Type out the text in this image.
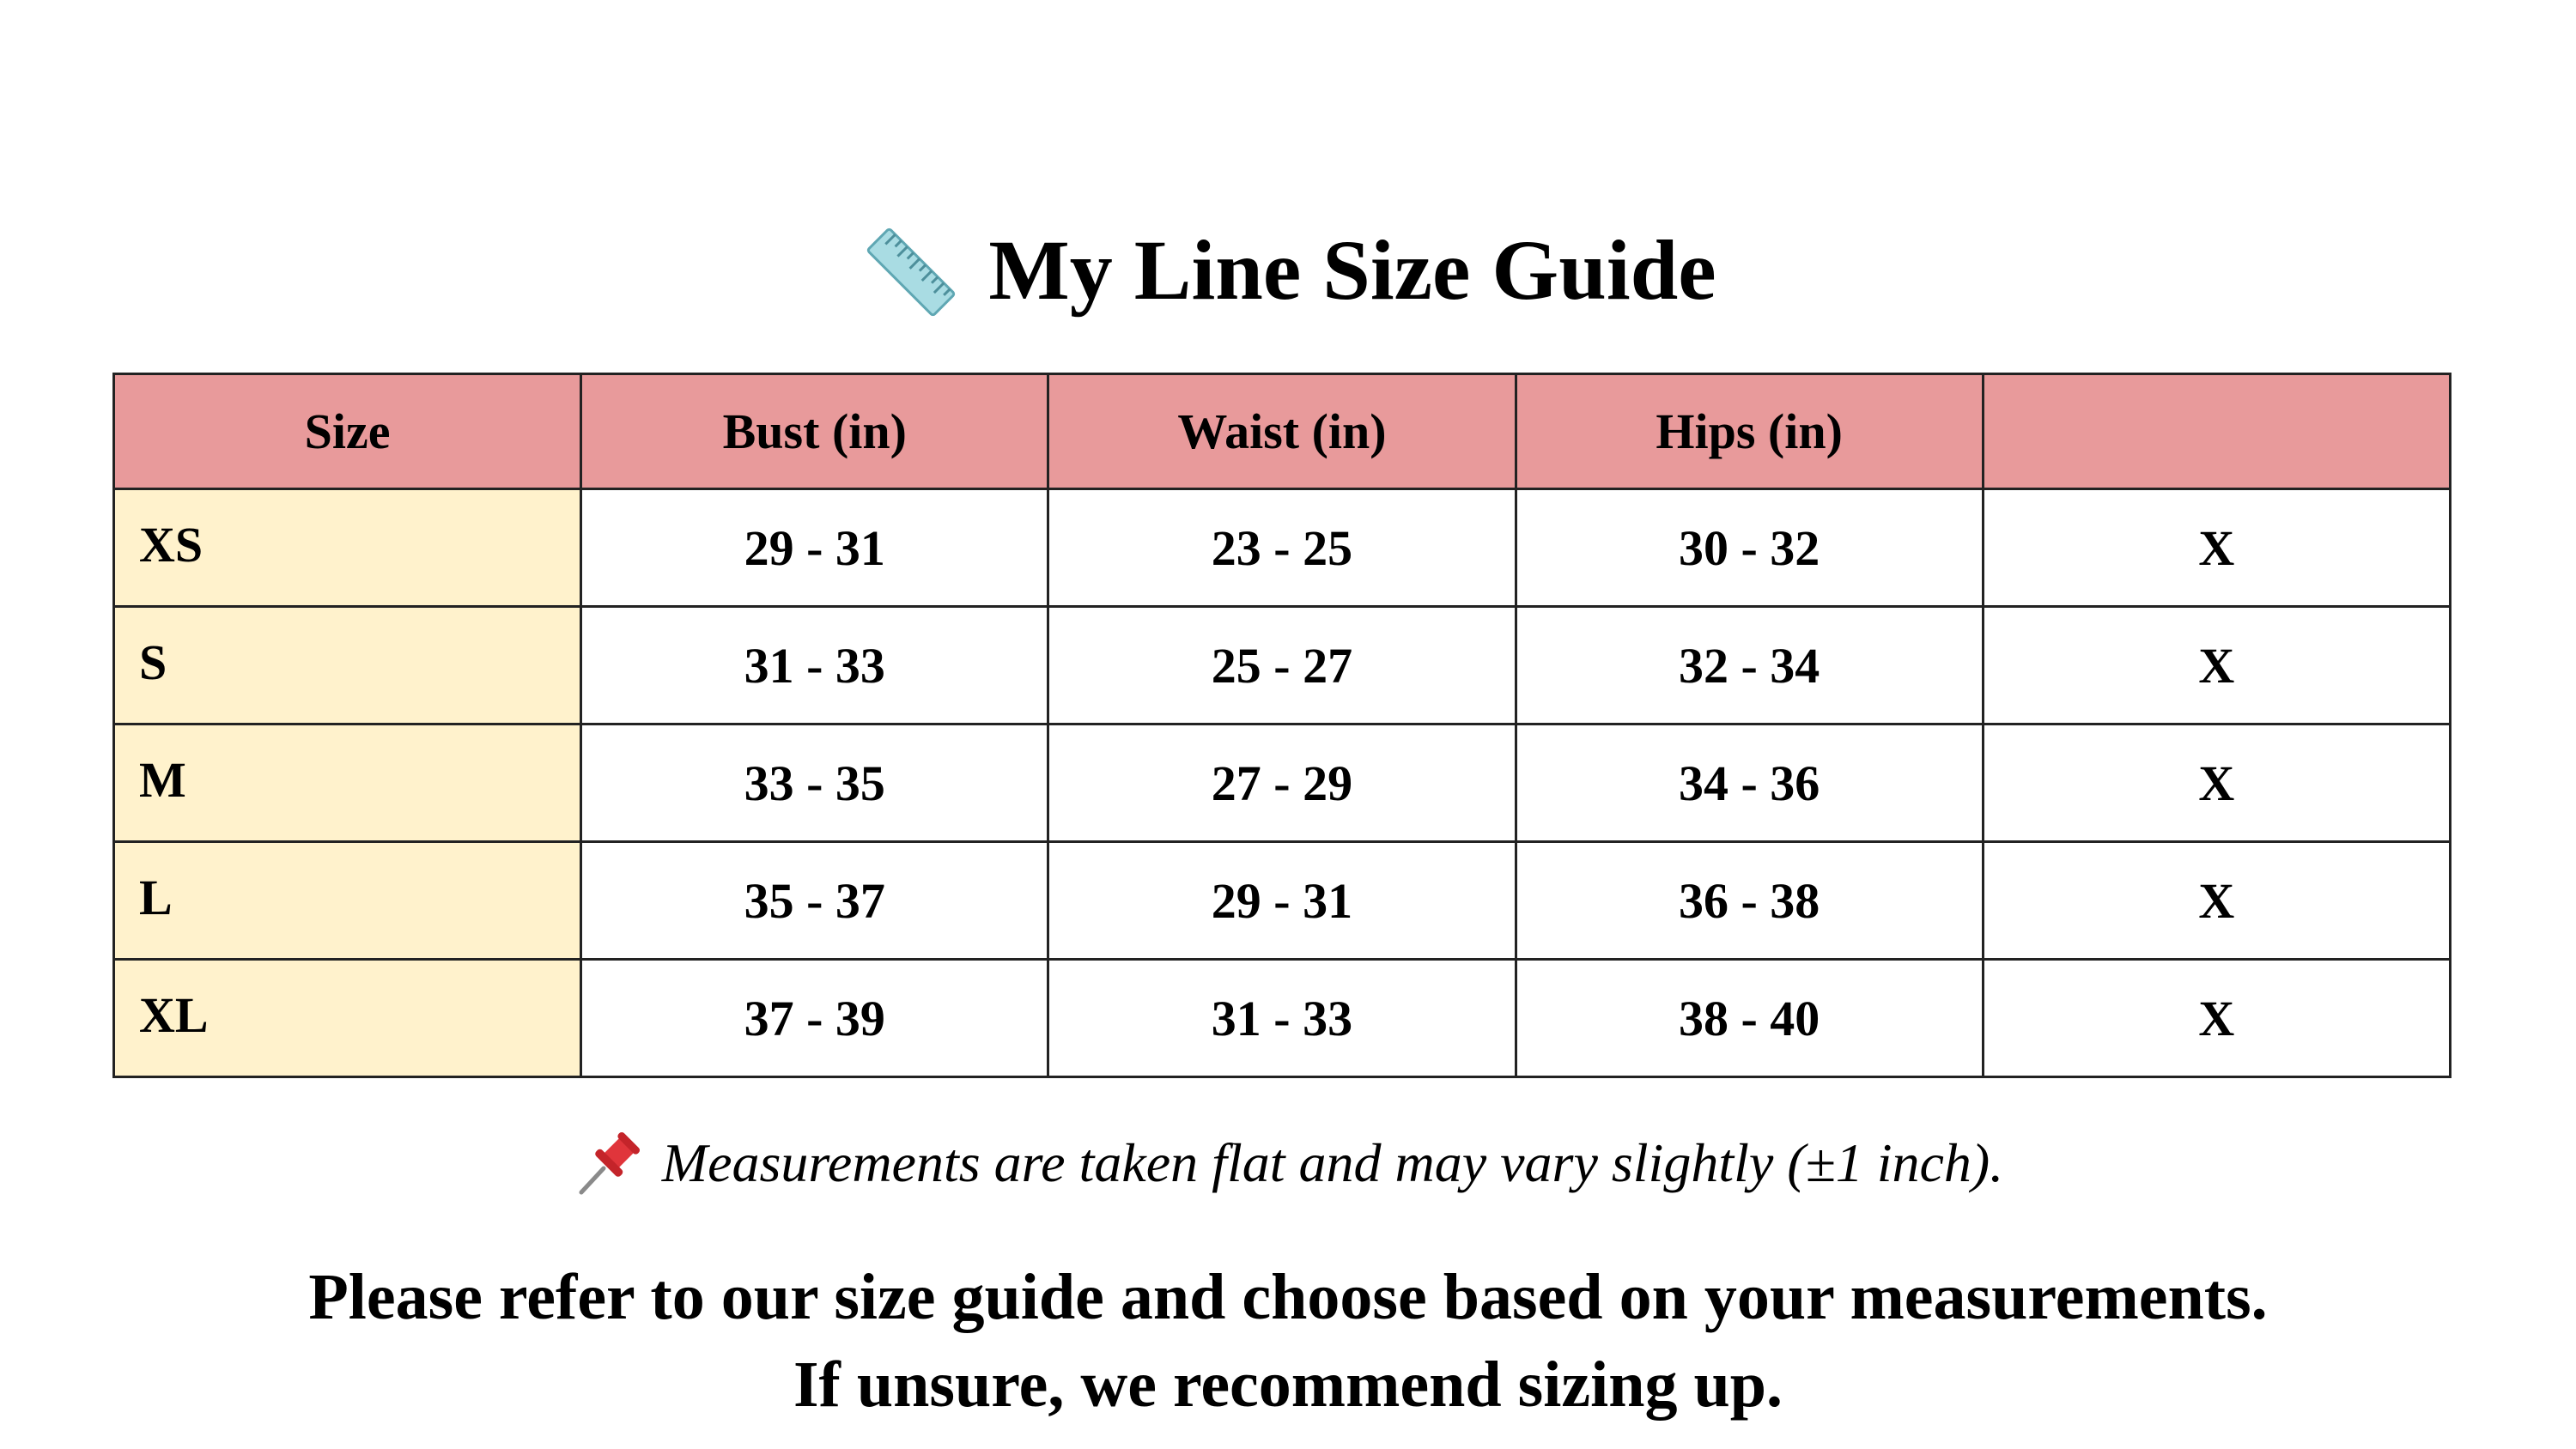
My Line Size Guide
Size	Bust (in)	Waist (in)	Hips (in)	
XS	29 - 31	23 - 25	30 - 32	X
S	31 - 33	25 - 27	32 - 34	X
M	33 - 35	27 - 29	34 - 36	X
L	35 - 37	29 - 31	36 - 38	X
XL	37 - 39	31 - 33	38 - 40	X
Measurements are taken flat and may vary slightly (±1 inch).
Please refer to our size guide and choose based on your measurements.
If unsure, we recommend sizing up.
